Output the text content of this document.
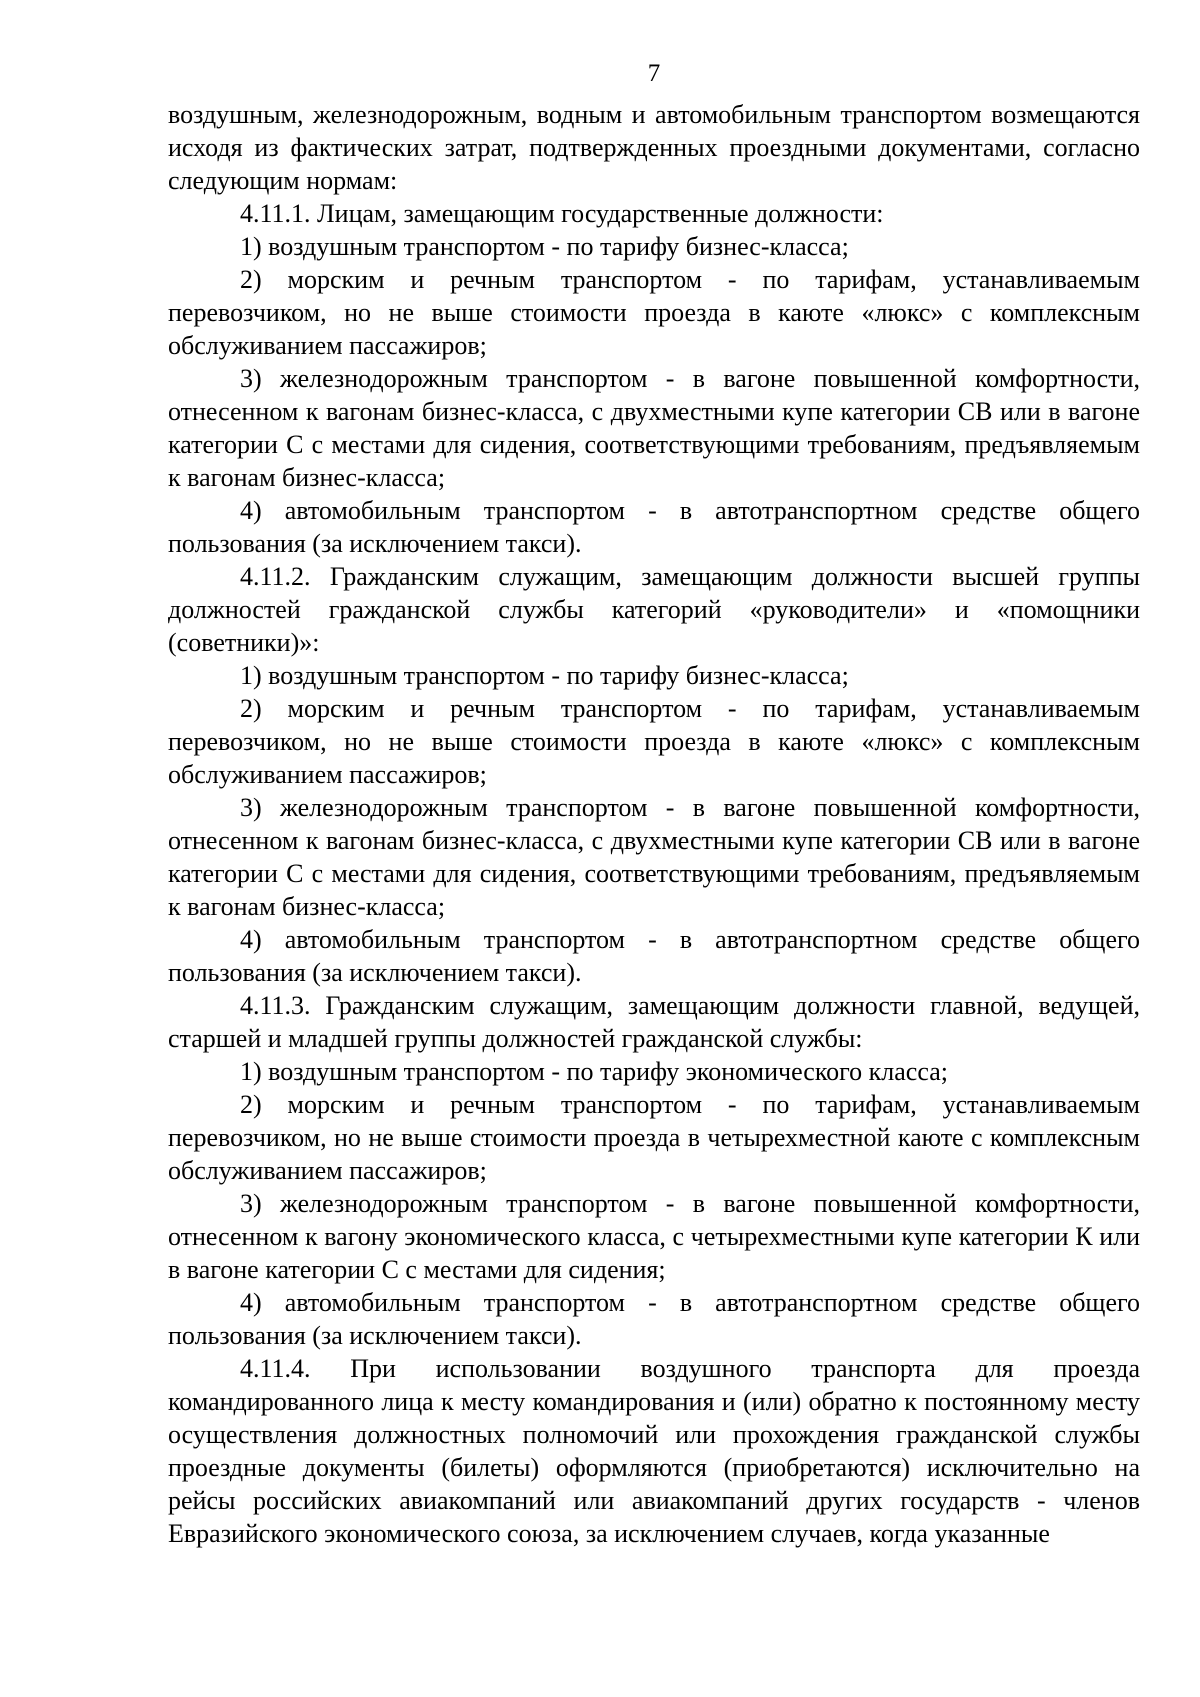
7

воздушным, железнодорожным, водным и автомобильным транспортом возмещаются исходя из фактических затрат, подтвержденных проездными документами, согласно следующим нормам:

4.11.1. Лицам, замещающим государственные должности:

1) воздушным транспортом - по тарифу бизнес-класса;

2) морским и речным транспортом - по тарифам, устанавливаемым перевозчиком, но не выше стоимости проезда в каюте «люкс» с комплексным обслуживанием пассажиров;

3) железнодорожным транспортом - в вагоне повышенной комфортности, отнесенном к вагонам бизнес-класса, с двухместными купе категории СВ или в вагоне категории С с местами для сидения, соответствующими требованиям, предъявляемым к вагонам бизнес-класса;

4) автомобильным транспортом - в автотранспортном средстве общего пользования (за исключением такси).

4.11.2. Гражданским служащим, замещающим должности высшей группы должностей гражданской службы категорий «руководители» и «помощники (советники)»:

1) воздушным транспортом - по тарифу бизнес-класса;

2) морским и речным транспортом - по тарифам, устанавливаемым перевозчиком, но не выше стоимости проезда в каюте «люкс» с комплексным обслуживанием пассажиров;

3) железнодорожным транспортом - в вагоне повышенной комфортности, отнесенном к вагонам бизнес-класса, с двухместными купе категории СВ или в вагоне категории С с местами для сидения, соответствующими требованиям, предъявляемым к вагонам бизнес-класса;

4) автомобильным транспортом - в автотранспортном средстве общего пользования (за исключением такси).

4.11.3. Гражданским служащим, замещающим должности главной, ведущей, старшей и младшей группы должностей гражданской службы:

1) воздушным транспортом - по тарифу экономического класса;

2) морским и речным транспортом - по тарифам, устанавливаемым перевозчиком, но не выше стоимости проезда в четырехместной каюте с комплексным обслуживанием пассажиров;

3) железнодорожным транспортом - в вагоне повышенной комфортности, отнесенном к вагону экономического класса, с четырехместными купе категории К или в вагоне категории С с местами для сидения;

4) автомобильным транспортом - в автотранспортном средстве общего пользования (за исключением такси).

4.11.4. При использовании воздушного транспорта для проезда командированного лица к месту командирования и (или) обратно к постоянному месту осуществления должностных полномочий или прохождения гражданской службы проездные документы (билеты) оформляются (приобретаются) исключительно на рейсы российских авиакомпаний или авиакомпаний других государств - членов Евразийского экономического союза, за исключением случаев, когда указанные
